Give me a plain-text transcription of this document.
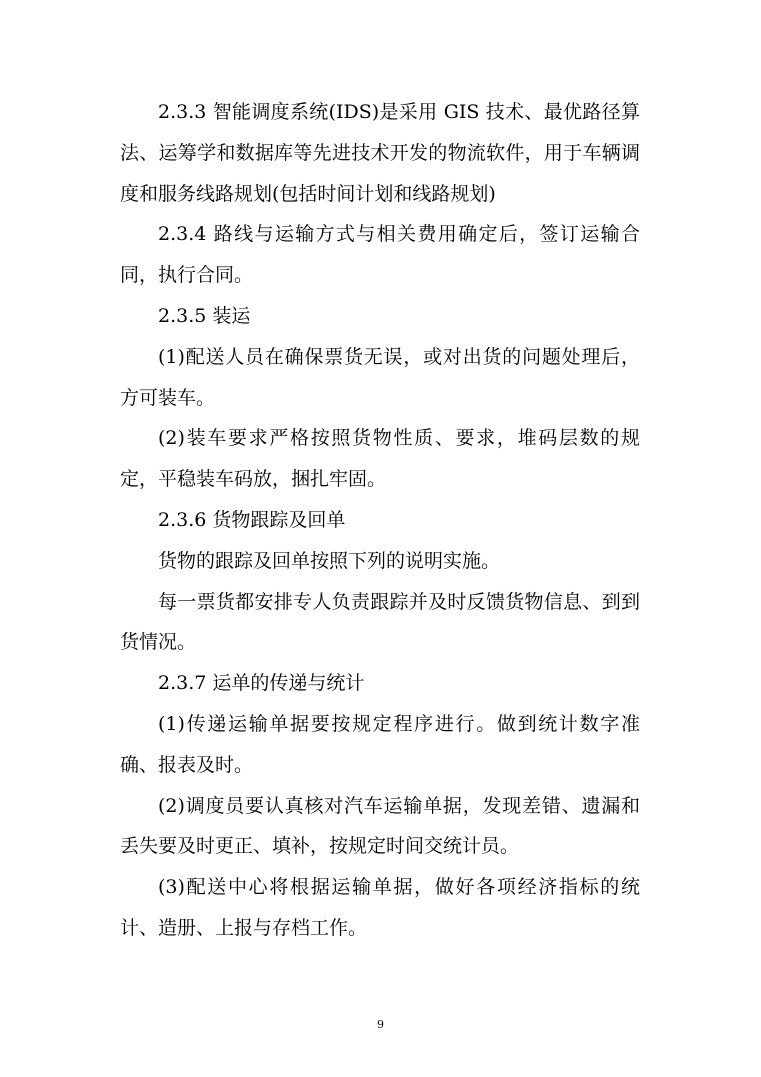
2.3.3 智能调度系统(IDS)是采用 GIS 技术、最优路径算法、运筹学和数据库等先进技术开发的物流软件，用于车辆调度和服务线路规划(包括时间计划和线路规划)

2.3.4 路线与运输方式与相关费用确定后，签订运输合同，执行合同。

2.3.5 装运

(1)配送人员在确保票货无误，或对出货的问题处理后，方可装车。

(2)装车要求严格按照货物性质、要求，堆码层数的规定，平稳装车码放，捆扎牢固。

2.3.6 货物跟踪及回单

货物的跟踪及回单按照下列的说明实施。

每一票货都安排专人负责跟踪并及时反馈货物信息、到到货情况。

2.3.7 运单的传递与统计

(1)传递运输单据要按规定程序进行。做到统计数字准确、报表及时。

(2)调度员要认真核对汽车运输单据，发现差错、遗漏和丢失要及时更正、填补，按规定时间交统计员。

(3)配送中心将根据运输单据，做好各项经济指标的统计、造册、上报与存档工作。

9
